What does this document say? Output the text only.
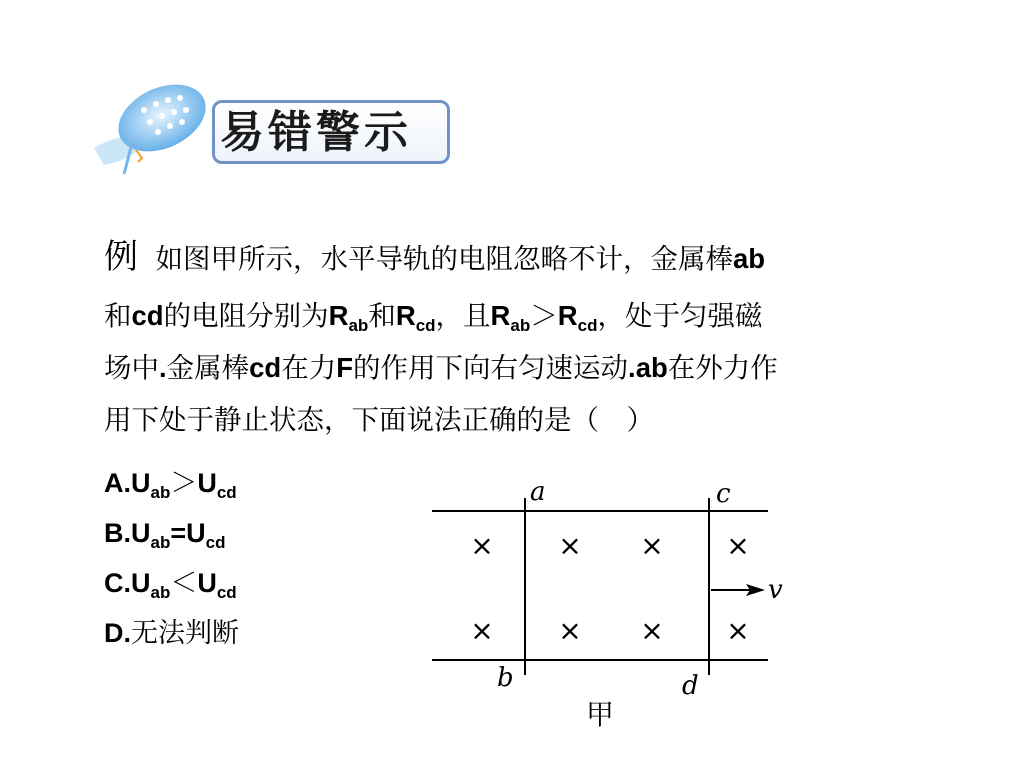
易错警示
例 如图甲所示，水平导轨的电阻忽略不计，金属棒ab
和cd的电阻分别为$R_{ab}$和$R_{cd}$，且$R_{ab}>R_{cd}$，处于匀强磁
场中.金属棒cd在力F的作用下向右匀速运动.ab在外力作
用下处于静止状态，下面说法正确的是（　）
$A.U_{ab}>U_{cd}$
$B.U_{ab}=U_{cd}$
$C.U_{ab}<U_{cd}$
D.无法判断
× × × ×
× × × ×
a	c
v
b	d
甲
